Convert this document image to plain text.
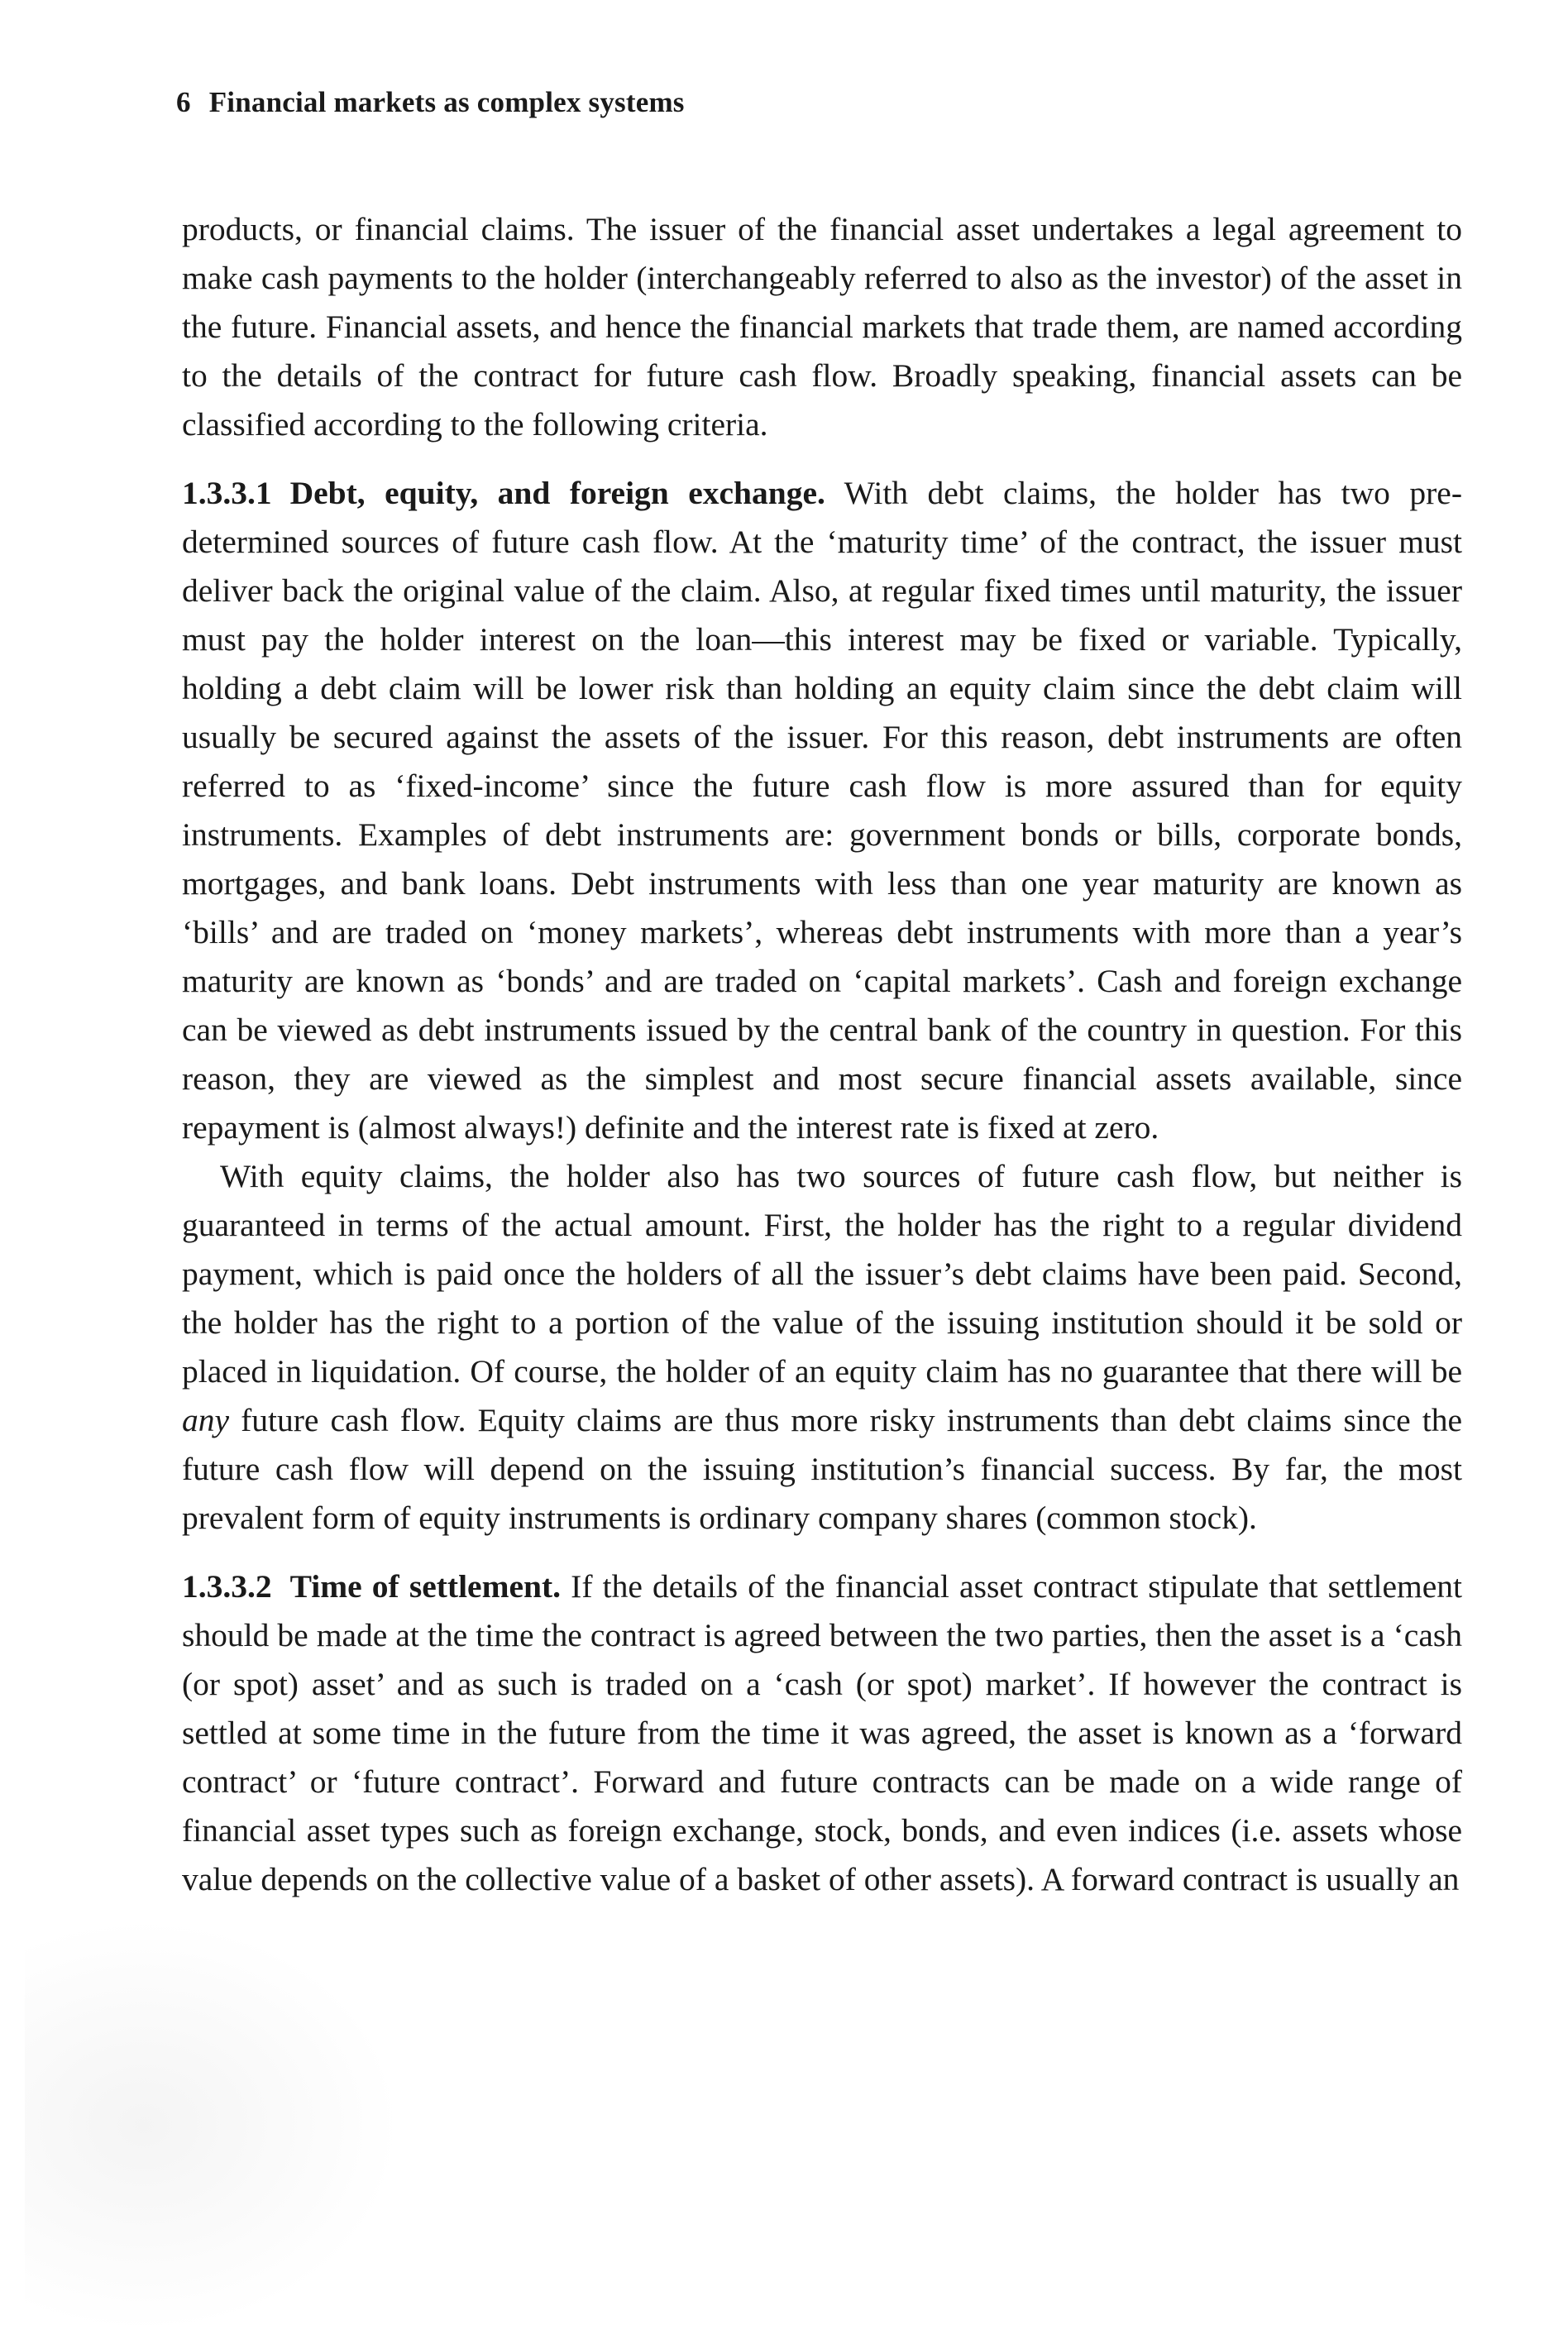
6 Financial markets as complex systems

products, or financial claims. The issuer of the financial asset undertakes a legal agreement to make cash payments to the holder (interchangeably referred to also as the investor) of the asset in the future. Financial assets, and hence the financial markets that trade them, are named according to the details of the contract for future cash flow. Broadly speaking, financial assets can be classified according to the following criteria.

1.3.3.1 Debt, equity, and foreign exchange. With debt claims, the holder has two pre-determined sources of future cash flow. At the ‘maturity time’ of the contract, the issuer must deliver back the original value of the claim. Also, at regular fixed times until maturity, the issuer must pay the holder interest on the loan—this interest may be fixed or variable. Typically, holding a debt claim will be lower risk than holding an equity claim since the debt claim will usually be secured against the assets of the issuer. For this reason, debt instruments are often referred to as ‘fixed-income’ since the future cash flow is more assured than for equity instruments. Examples of debt instruments are: government bonds or bills, corporate bonds, mortgages, and bank loans. Debt instruments with less than one year maturity are known as ‘bills’ and are traded on ‘money markets’, whereas debt instruments with more than a year’s maturity are known as ‘bonds’ and are traded on ‘capital markets’. Cash and foreign exchange can be viewed as debt instruments issued by the central bank of the country in question. For this reason, they are viewed as the simplest and most secure financial assets available, since repayment is (almost always!) definite and the interest rate is fixed at zero.

With equity claims, the holder also has two sources of future cash flow, but neither is guaranteed in terms of the actual amount. First, the holder has the right to a regular dividend payment, which is paid once the holders of all the issuer’s debt claims have been paid. Second, the holder has the right to a portion of the value of the issuing institution should it be sold or placed in liquidation. Of course, the holder of an equity claim has no guarantee that there will be any future cash flow. Equity claims are thus more risky instruments than debt claims since the future cash flow will depend on the issuing institution’s financial success. By far, the most prevalent form of equity instruments is ordinary company shares (common stock).

1.3.3.2 Time of settlement. If the details of the financial asset contract stipulate that settlement should be made at the time the contract is agreed between the two parties, then the asset is a ‘cash (or spot) asset’ and as such is traded on a ‘cash (or spot) market’. If however the contract is settled at some time in the future from the time it was agreed, the asset is known as a ‘forward contract’ or ‘future contract’. Forward and future contracts can be made on a wide range of financial asset types such as foreign exchange, stock, bonds, and even indices (i.e. assets whose value depends on the collective value of a basket of other assets). A forward contract is usually an
